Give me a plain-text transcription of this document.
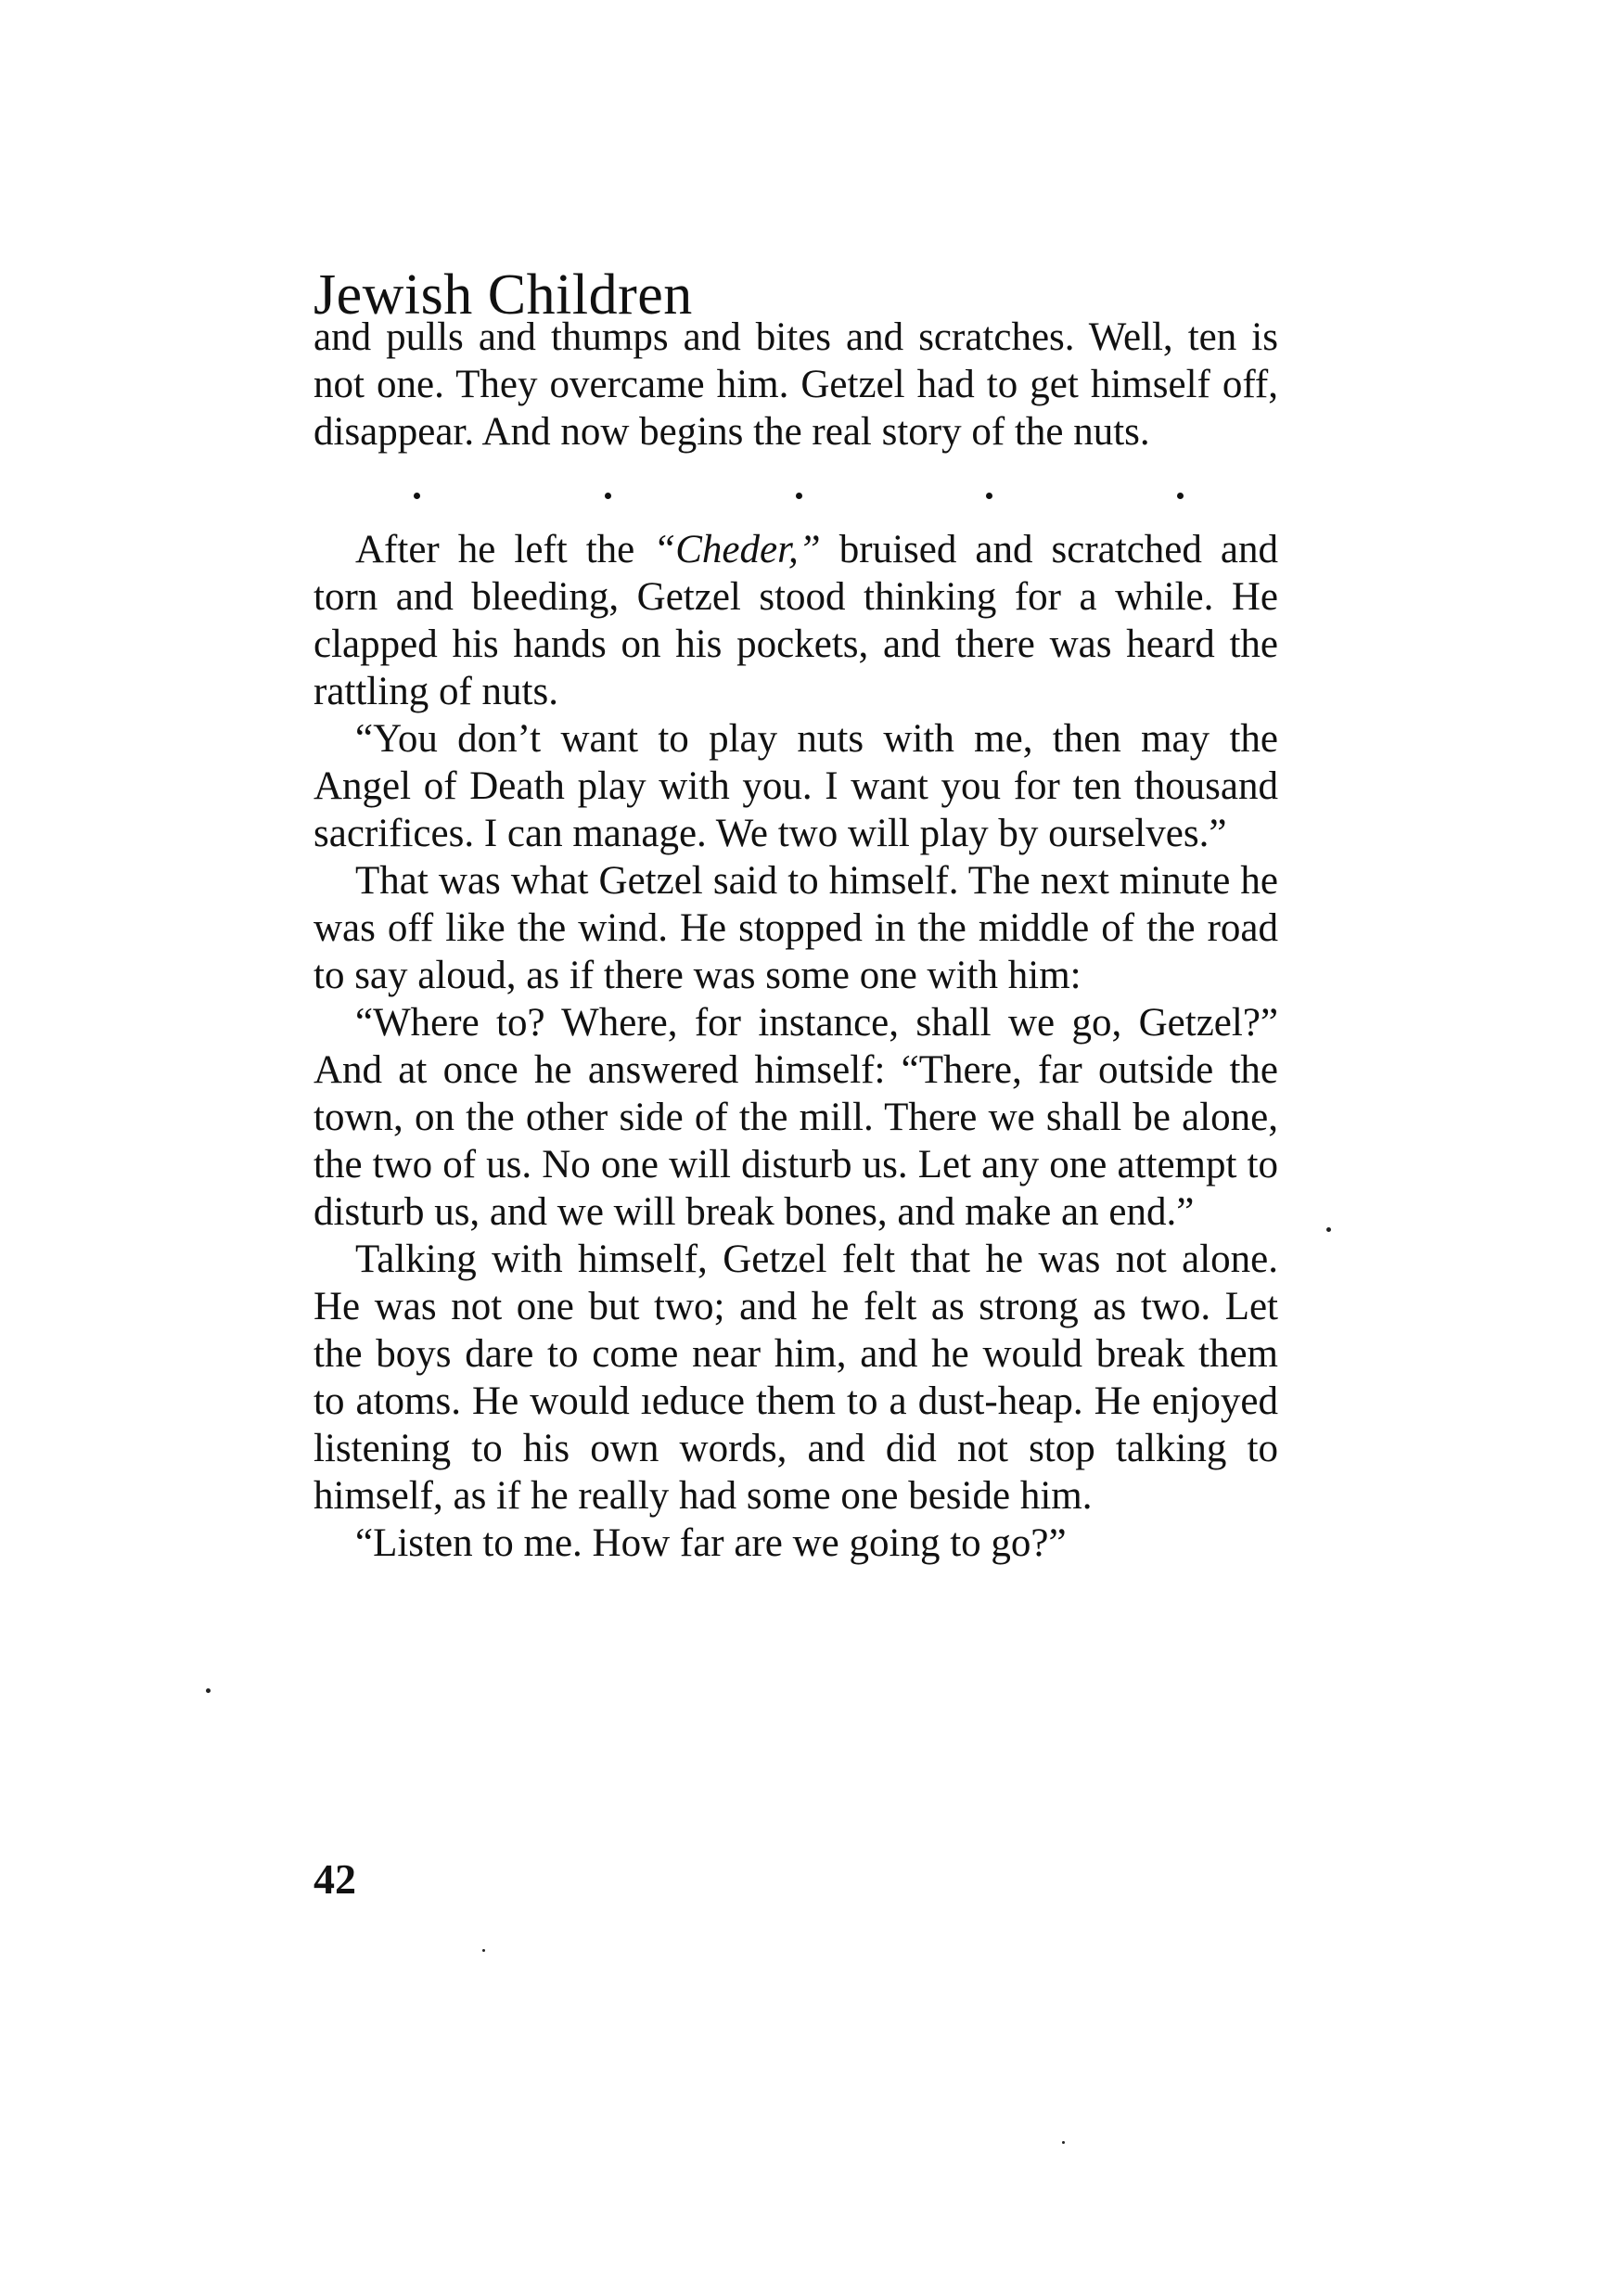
Jewish Children

and pulls and thumps and bites and scratches. Well, ten is not one. They overcame him. Getzel had to get himself off, disappear. And now begins the real story of the nuts.

After he left the “Cheder,” bruised and scratched and torn and bleeding, Getzel stood thinking for a while. He clapped his hands on his pockets, and there was heard the rattling of nuts.

“You don’t want to play nuts with me, then may the Angel of Death play with you. I want you for ten thousand sacrifices. I can manage. We two will play by ourselves.”

That was what Getzel said to himself. The next minute he was off like the wind. He stopped in the middle of the road to say aloud, as if there was some one with him:

“Where to? Where, for instance, shall we go, Getzel?” And at once he answered himself: “There, far outside the town, on the other side of the mill. There we shall be alone, the two of us. No one will disturb us. Let any one attempt to disturb us, and we will break bones, and make an end.”

Talking with himself, Getzel felt that he was not alone. He was not one but two; and he felt as strong as two. Let the boys dare to come near him, and he would break them to atoms. He would ıeduce them to a dust-heap. He enjoyed listening to his own words, and did not stop talking to himself, as if he really had some one beside him.

“Listen to me. How far are we going to go?”

42
